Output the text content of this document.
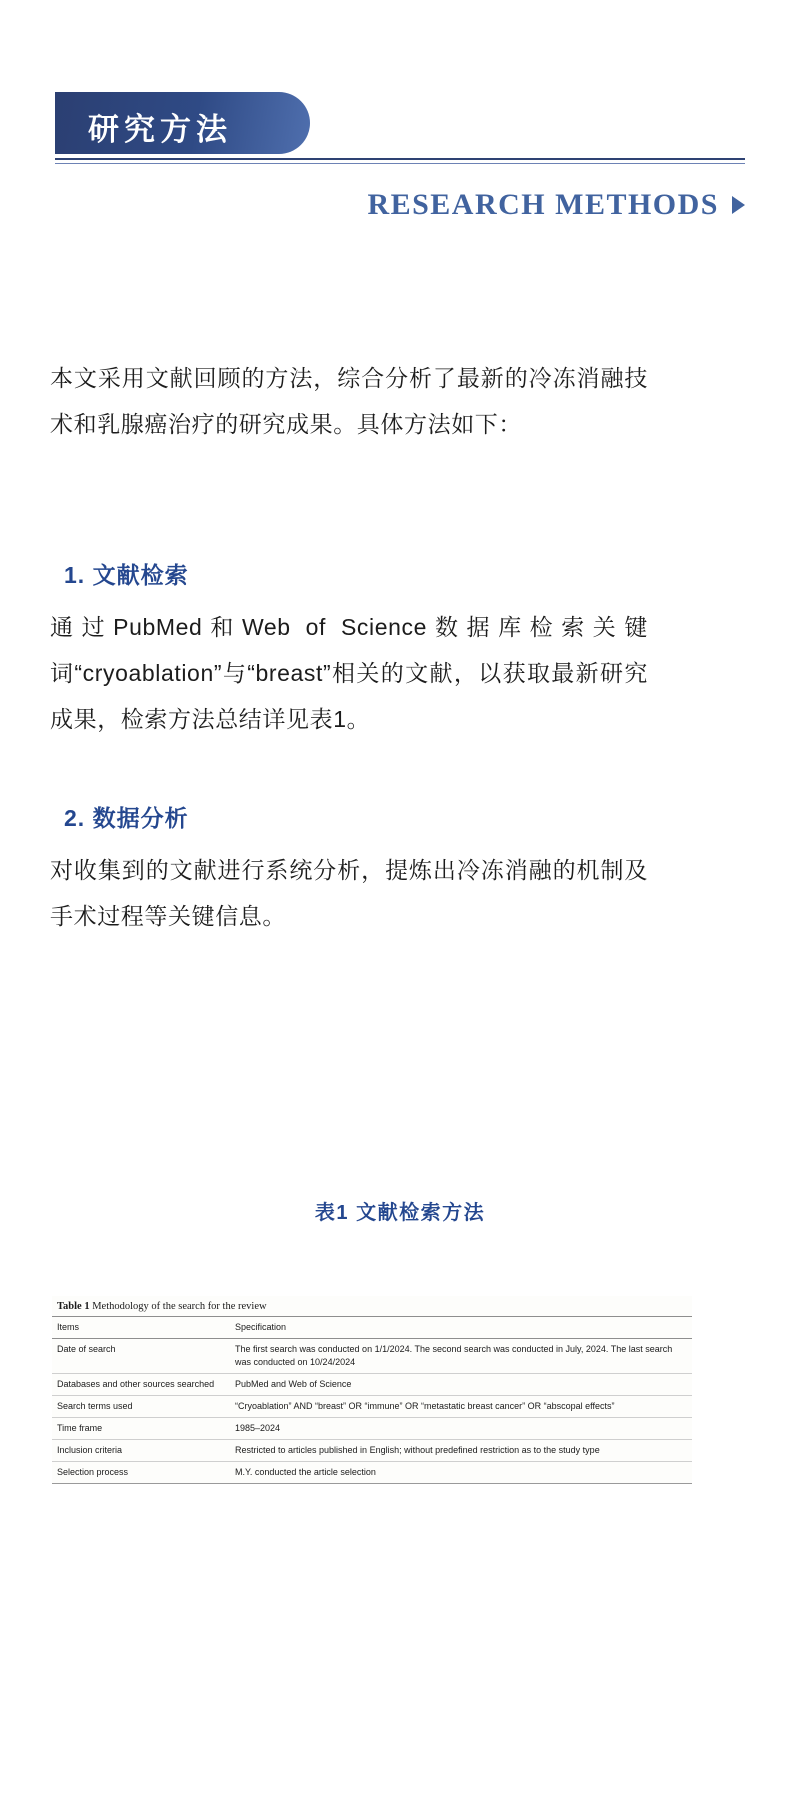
研究方法
RESEARCH METHODS

本文采用文献回顾的方法，综合分析了最新的冷冻消融技术和乳腺癌治疗的研究成果。具体方法如下：

1. 文献检索

通过PubMed和Web of Science数据库检索关键词“cryoablation”与“breast”相关的文献，以获取最新研究成果，检索方法总结详见表1。

2. 数据分析

对收集到的文献进行系统分析，提炼出冷冻消融的机制及手术过程等关键信息。

表1 文献检索方法
Table 1 Methodology of the search for the review
Items	Specification
Date of search	The first search was conducted on 1/1/2024. The second search was conducted in July, 2024. The last search was conducted on 10/24/2024
Databases and other sources searched	PubMed and Web of Science
Search terms used	“Cryoablation” AND “breast” OR “immune” OR “metastatic breast cancer” OR “abscopal effects”
Time frame	1985–2024
Inclusion criteria	Restricted to articles published in English; without predefined restriction as to the study type
Selection process	M.Y. conducted the article selection
